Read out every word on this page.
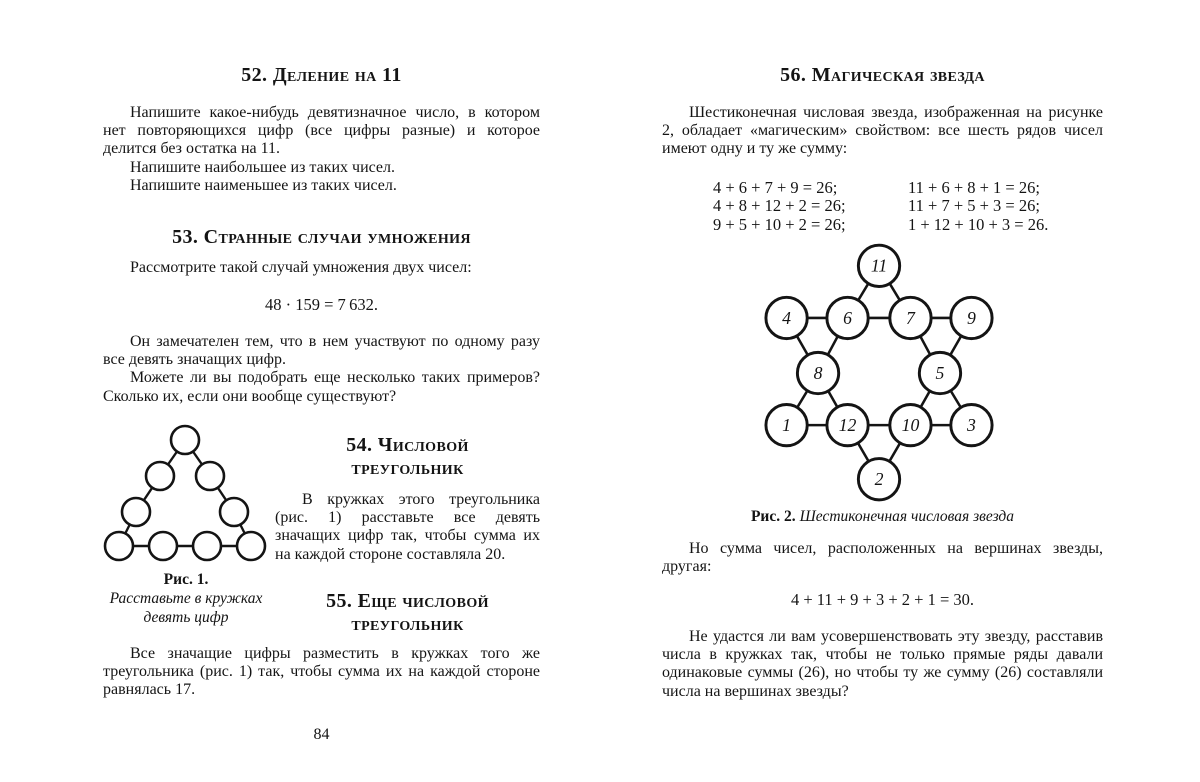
52. Деление на 11

Напишите какое-нибудь девятизначное число, в котором нет повторяющихся цифр (все цифры разные) и которое делится без остатка на 11.

Напишите наибольшее из таких чисел.

Напишите наименьшее из таких чисел.

53. Странные случаи умножения

Рассмотрите такой случай умножения двух чисел:

48 · 159 = 7 632.

Он замечателен тем, что в нем участвуют по одному разу все девять значащих цифр.

Можете ли вы подобрать еще несколько таких примеров? Сколько их, если они вообще существуют?

Рис. 1.
Расставьте в кружках
девять цифр
54. Числовой
треугольник

В кружках этого треугольника (рис. 1) расставьте все девять значащих цифр так, чтобы сумма их на каждой стороне составляла 20.

55. Еще числовой
треугольник

Все значащие цифры разместить в кружках того же треугольника (рис. 1) так, чтобы сумма их на каждой стороне равнялась 17.

84
56. Магическая звезда

Шестиконечная числовая звезда, изображенная на рисунке 2, обладает «магическим» свойством: все шесть рядов чисел имеют одну и ту же сумму:

4 + 6 + 7 + 9 = 26;
4 + 8 + 12 + 2 = 26;
9 + 5 + 10 + 2 = 26;
11 + 6 + 8 + 1 = 26;
11 + 7 + 5 + 3 = 26;
1 + 12 + 10 + 3 = 26.
11
4	6	7	9
8	5
1	12	10	3
2
Рис. 2. Шестиконечная числовая звезда

Но сумма чисел, расположенных на вершинах звезды, другая:

4 + 11 + 9 + 3 + 2 + 1 = 30.

Не удастся ли вам усовершенствовать эту звезду, расставив числа в кружках так, чтобы не только прямые ряды давали одинаковые суммы (26), но чтобы ту же сумму (26) составляли числа на вершинах звезды?
